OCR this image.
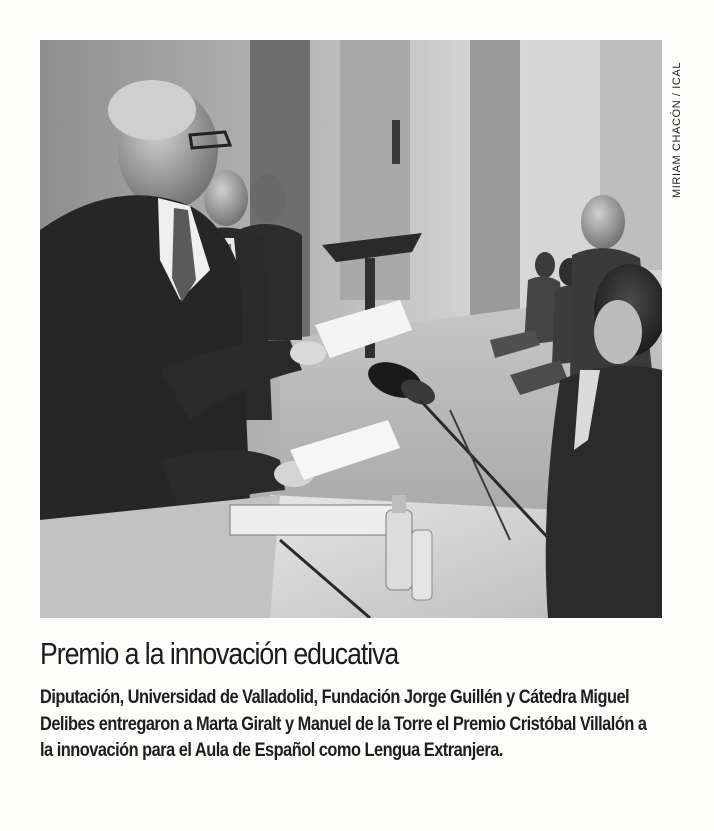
MIRIAM CHACÓN / ICAL
Premio a la innovación educativa

Diputación, Universidad de Valladolid, Fundación Jorge Guillén y Cátedra Miguel Delibes entregaron a Marta Giralt y Manuel de la Torre el Premio Cristóbal Villalón a la innovación para el Aula de Español como Lengua Extranjera.
